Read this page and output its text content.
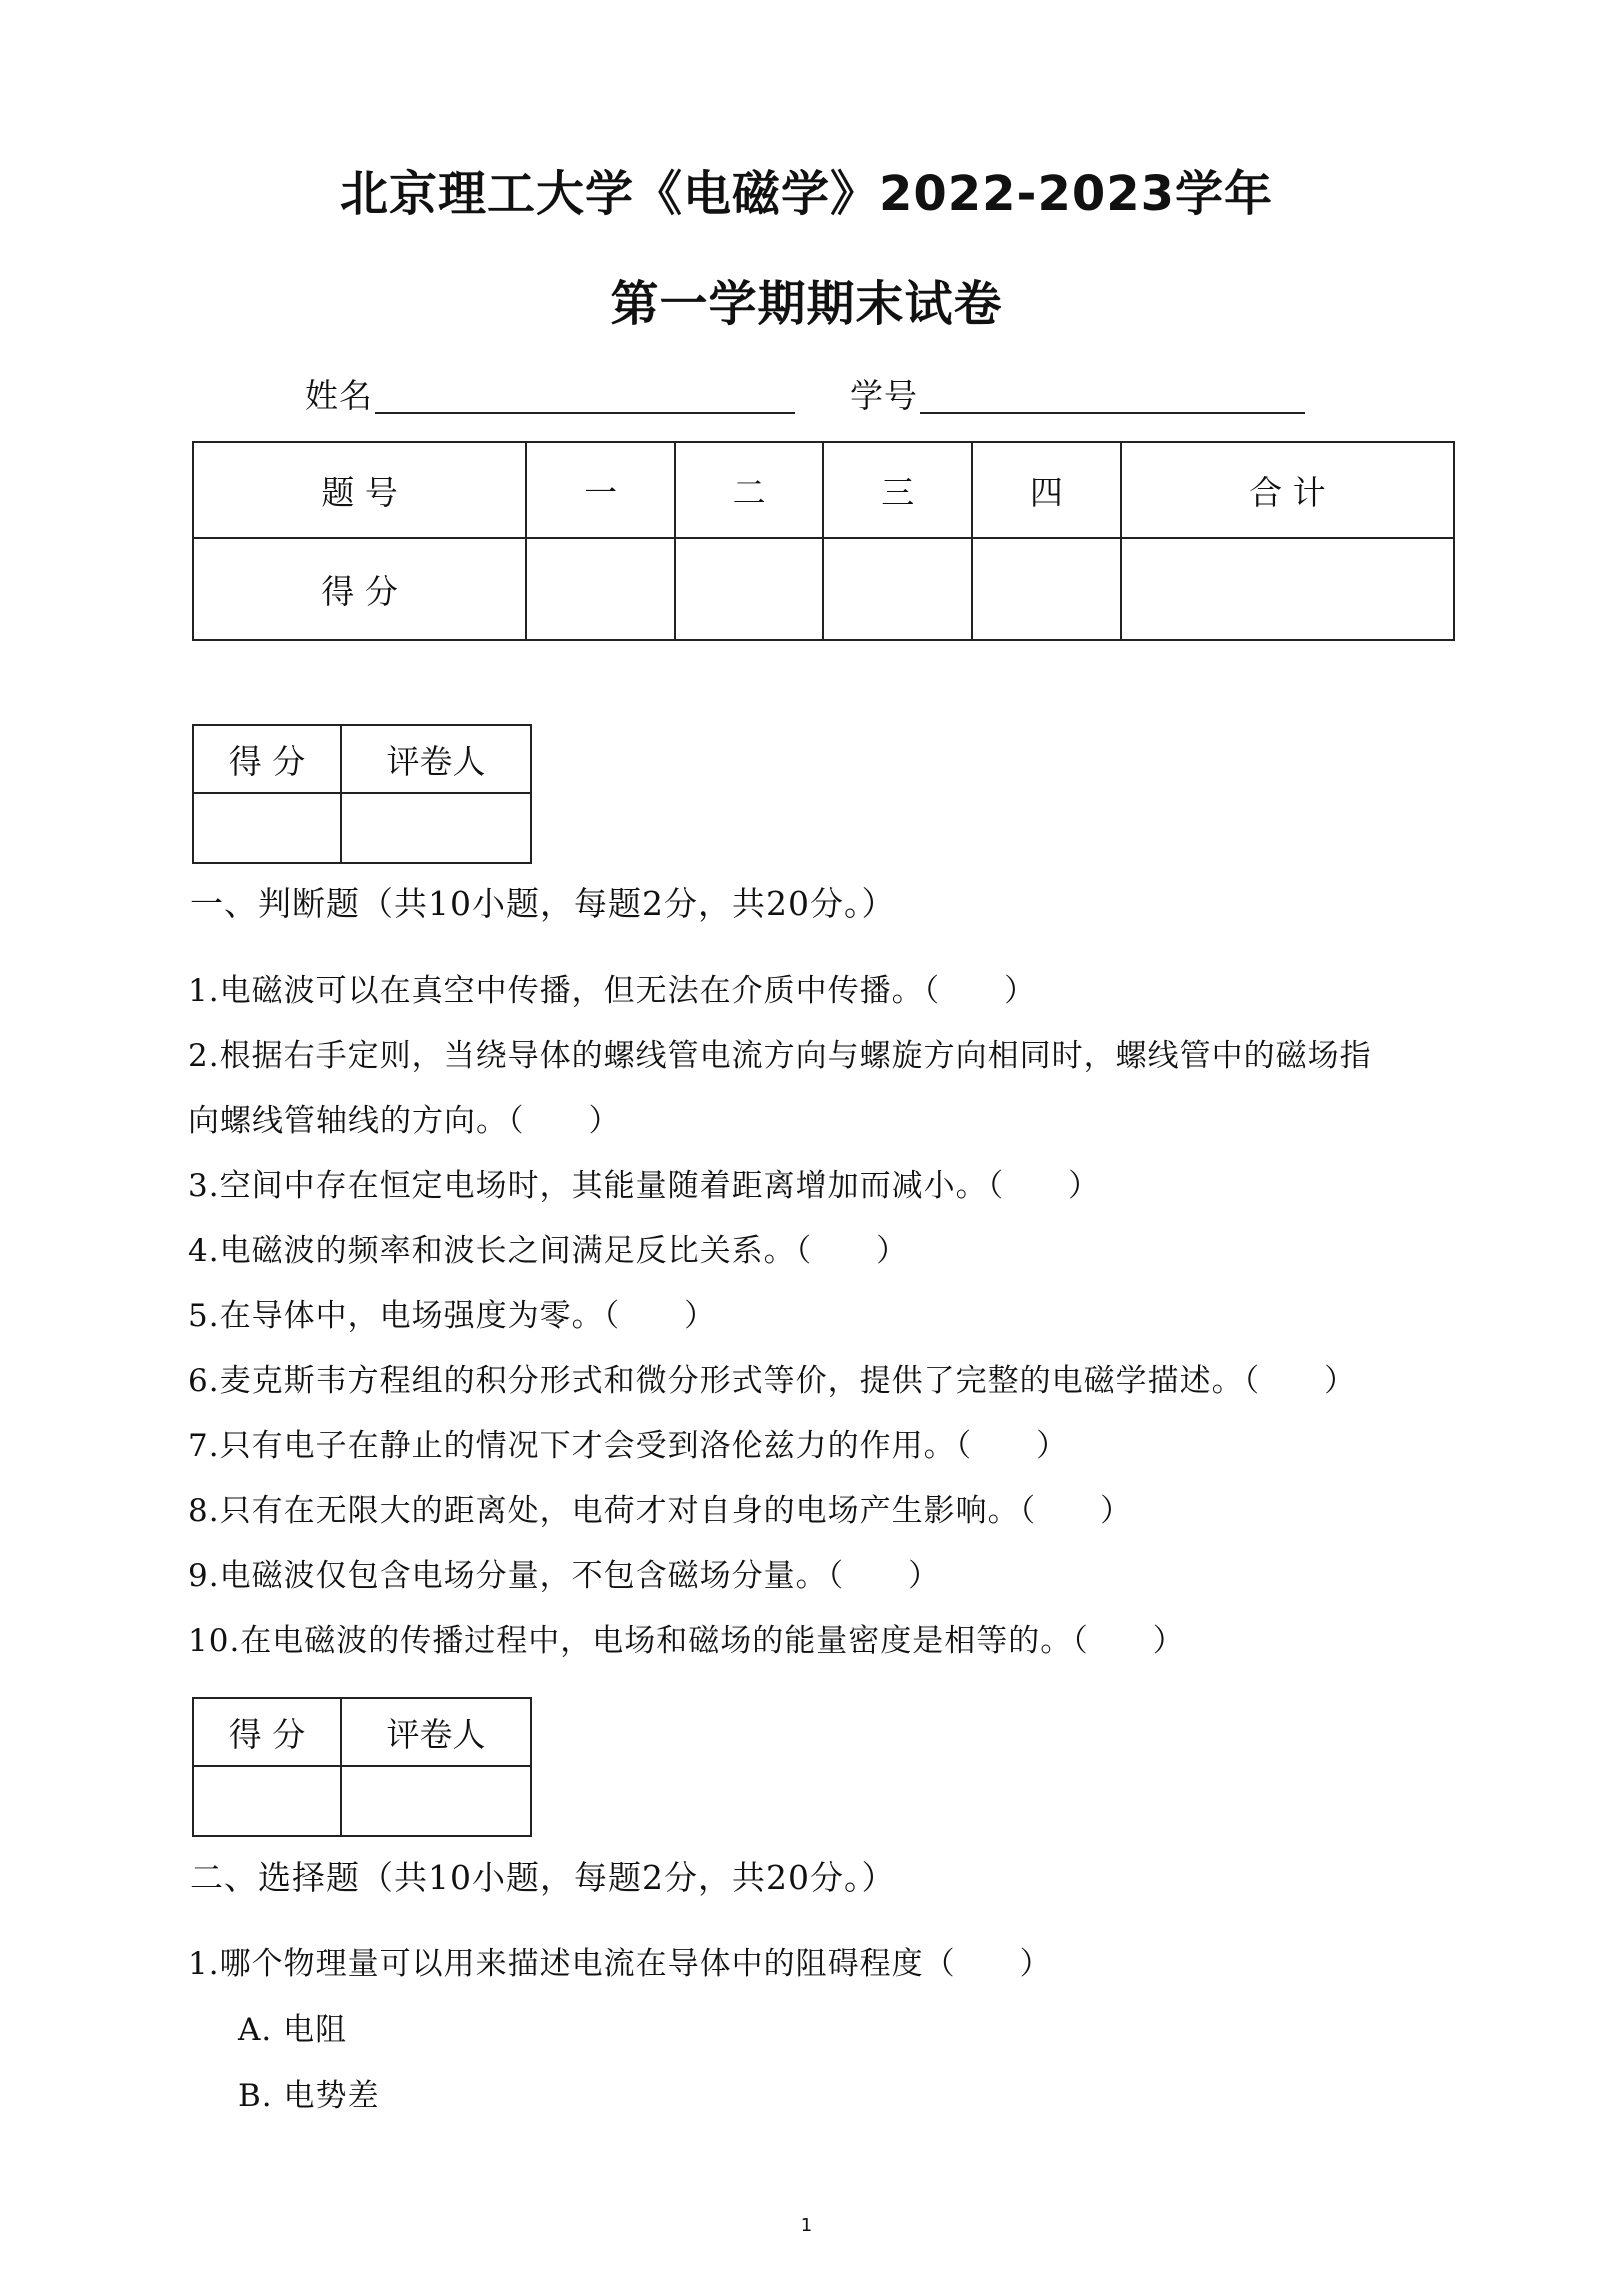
北京理工大学《电磁学》2022-2023学年
第一学期期末试卷
姓名	学号
题 号	一	二	三	四	合 计
得 分					
得 分	评卷人

一、判断题（共10小题，每题2分，共20分。）
1.电磁波可以在真空中传播，但无法在介质中传播。（　　）
2.根据右手定则，当绕导体的螺线管电流方向与螺旋方向相同时，螺线管中的磁场指
向螺线管轴线的方向。（　　）
3.空间中存在恒定电场时，其能量随着距离增加而减小。（　　）
4.电磁波的频率和波长之间满足反比关系。（　　）
5.在导体中，电场强度为零。（　　）
6.麦克斯韦方程组的积分形式和微分形式等价，提供了完整的电磁学描述。（　　）
7.只有电子在静止的情况下才会受到洛伦兹力的作用。（　　）
8.只有在无限大的距离处，电荷才对自身的电场产生影响。（　　）
9.电磁波仅包含电场分量，不包含磁场分量。（　　）
10.在电磁波的传播过程中，电场和磁场的能量密度是相等的。（　　）
得 分	评卷人

二、选择题（共10小题，每题2分，共20分。）
1.哪个物理量可以用来描述电流在导体中的阻碍程度（　　）
A. 电阻
B. 电势差
1
